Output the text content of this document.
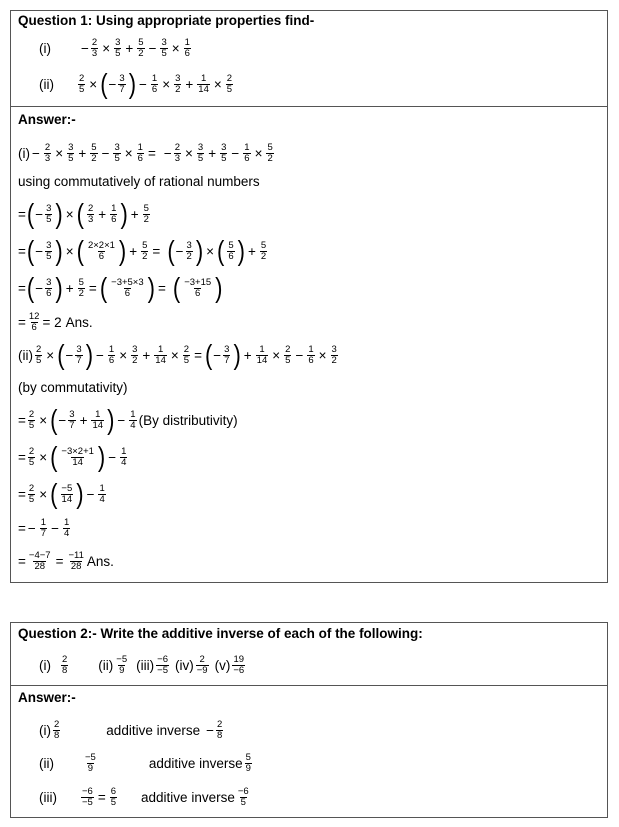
Question 1: Using appropriate properties find-
$(i) - \frac{2}{3} \times \frac{3}{5} + \frac{5}{2} - \frac{3}{5} \times \frac{1}{6}$
(ii)	$\frac{2}{5}$ × ( − $\frac{3}{7}$ ) − $\frac{1}{6} \times \frac{3}{2} + \frac{1}{14} \times \frac{2}{5}$
Answer:-
$(i) - \frac{2}{3} \times \frac{3}{5} + \frac{5}{2} - \frac{3}{5} \times \frac{1}{6}$ = − $\frac{2}{3} \times \frac{3}{5} + \frac{3}{5} - \frac{1}{6} \times \frac{5}{2}$
using commutatively of rational numbers
= ( − $\frac{3}{5}$ ) × ( $\frac{2}{3} + \frac{1}{6}$ ) + $\frac{5}{2}$
= ( − $\frac{3}{5}$ ) × ( $\frac{2\times 2\times 1}{6}$ ) + $\frac{5}{2}$ = ( − $\frac{3}{2}$ ) × ( $\frac{5}{6}$ ) + $\frac{5}{2}$
= ( − $\frac{3}{6}$ ) + $\frac{5}{2}$ = ( $\frac{-3+5\times 3}{6}$ ) = ( $\frac{-3+15}{6}$ )
= $\frac{12}{6} = 2$ Ans.
$(ii) \frac{2}{5}$ × ( − $\frac{3}{7}$ ) − $\frac{1}{6} \times \frac{3}{2} + \frac{1}{14} \times \frac{2}{5}$ = ( − $\frac{3}{7}$ ) + $\frac{1}{14} \times \frac{2}{5} - \frac{1}{6} \times \frac{3}{2}$
(by commutativity)
= $\frac{2}{5}$ × ( − $\frac{3}{7} + \frac{1}{14}$ ) − $\frac{1}{4} (By$ distributivity)
= $\frac{2}{5}$ × ( $\frac{-3\times 2+1}{14}$ ) − $\frac{1}{4}$
= $\frac{2}{5}$ × ( $\frac{-5}{14}$ ) − $\frac{1}{4}$
= − $\frac{1}{7} - \frac{1}{4}$
= $\frac{-4-7}{28} = \frac{-11}{28}$ Ans.
Question 2:- Write the additive inverse of each of the following:
$(i) \frac{2}{8} (ii) \frac{-5}{9} (iii) \frac{-6}{-5} (iv) \frac{2}{-9} (v) \frac{19}{-6}$
Answer:-
$(i) \frac{2}{8}$	additive inverse − $\frac{2}{8}$
(ii)	$\frac{-5}{9}$	additive inverse $\frac{5}{9}$
(iii)	$\frac{-6}{-5} = \frac{6}{5}$ additive inverse $\frac{-6}{5}$
